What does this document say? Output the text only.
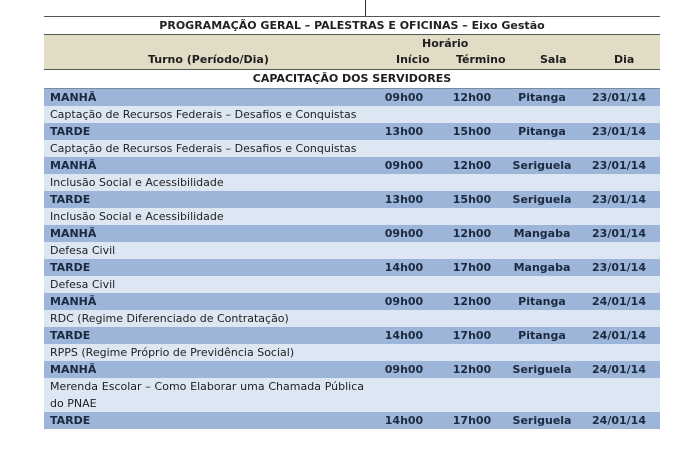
PROGRAMAÇÃO GERAL – PALESTRAS E OFICINAS – Eixo Gestão
Horário
Turno (Período/Dia)	Início Término	Sala	Dia
CAPACITAÇÃO DOS SERVIDORES
MANHÃ	09h00	12h00	Pitanga	23/01/14
Captação de Recursos Federais – Desafios e Conquistas
TARDE	13h00	15h00	Pitanga	23/01/14
Captação de Recursos Federais – Desafios e Conquistas
MANHÃ	09h00	12h00	Seriguela	23/01/14
Inclusão Social e Acessibilidade
TARDE	13h00	15h00	Seriguela	23/01/14
Inclusão Social e Acessibilidade
MANHÃ	09h00	12h00	Mangaba	23/01/14
Defesa Civil
TARDE	14h00	17h00	Mangaba	23/01/14
Defesa Civil
MANHÃ	09h00	12h00	Pitanga	24/01/14
RDC (Regime Diferenciado de Contratação)
TARDE	14h00	17h00	Pitanga	24/01/14
RPPS (Regime Próprio de Previdência Social)
MANHÃ	09h00	12h00	Seriguela	24/01/14
Merenda Escolar – Como Elaborar uma Chamada Pública do PNAE
TARDE	14h00	17h00	Seriguela	24/01/14
